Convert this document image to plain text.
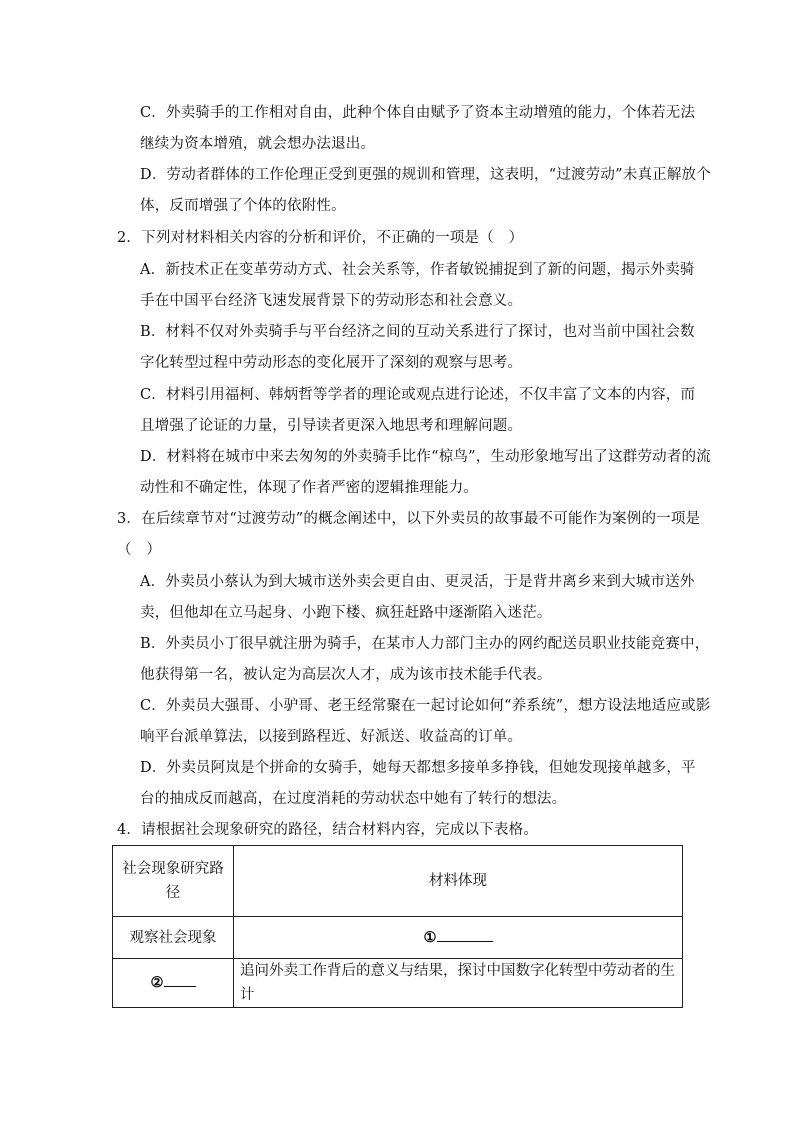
C．外卖骑手的工作相对自由，此种个体自由赋予了资本主动增殖的能力，个体若无法
继续为资本增殖，就会想办法退出。
D．劳动者群体的工作伦理正受到更强的规训和管理，这表明，“过渡劳动”未真正解放个
体，反而增强了个体的依附性。
2．下列对材料相关内容的分析和评价，不正确的一项是（　）
A．新技术正在变革劳动方式、社会关系等，作者敏锐捕捉到了新的问题，揭示外卖骑
手在中国平台经济飞速发展背景下的劳动形态和社会意义。
B．材料不仅对外卖骑手与平台经济之间的互动关系进行了探讨，也对当前中国社会数
字化转型过程中劳动形态的变化展开了深刻的观察与思考。
C．材料引用福柯、韩炳哲等学者的理论或观点进行论述，不仅丰富了文本的内容，而
且增强了论证的力量，引导读者更深入地思考和理解问题。
D．材料将在城市中来去匆匆的外卖骑手比作“椋鸟”，生动形象地写出了这群劳动者的流
动性和不确定性，体现了作者严密的逻辑推理能力。
3．在后续章节对“过渡劳动”的概念阐述中，以下外卖员的故事最不可能作为案例的一项是
（　）
A．外卖员小蔡认为到大城市送外卖会更自由、更灵活，于是背井离乡来到大城市送外
卖，但他却在立马起身、小跑下楼、疯狂赶路中逐渐陷入迷茫。
B．外卖员小丁很早就注册为骑手，在某市人力部门主办的网约配送员职业技能竞赛中，
他获得第一名，被认定为高层次人才，成为该市技术能手代表。
C．外卖员大强哥、小驴哥、老王经常聚在一起讨论如何“养系统”，想方设法地适应或影
响平台派单算法，以接到路程近、好派送、收益高的订单。
D．外卖员阿岚是个拼命的女骑手，她每天都想多接单多挣钱，但她发现接单越多，平
台的抽成反而越高，在过度消耗的劳动状态中她有了转行的想法。
4．请根据社会现象研究的路径，结合材料内容，完成以下表格。
社会现象研究路
径	材料体现
观察社会现象	①
②	追问外卖工作背后的意义与结果，探讨中国数字化转型中劳动者的生计
